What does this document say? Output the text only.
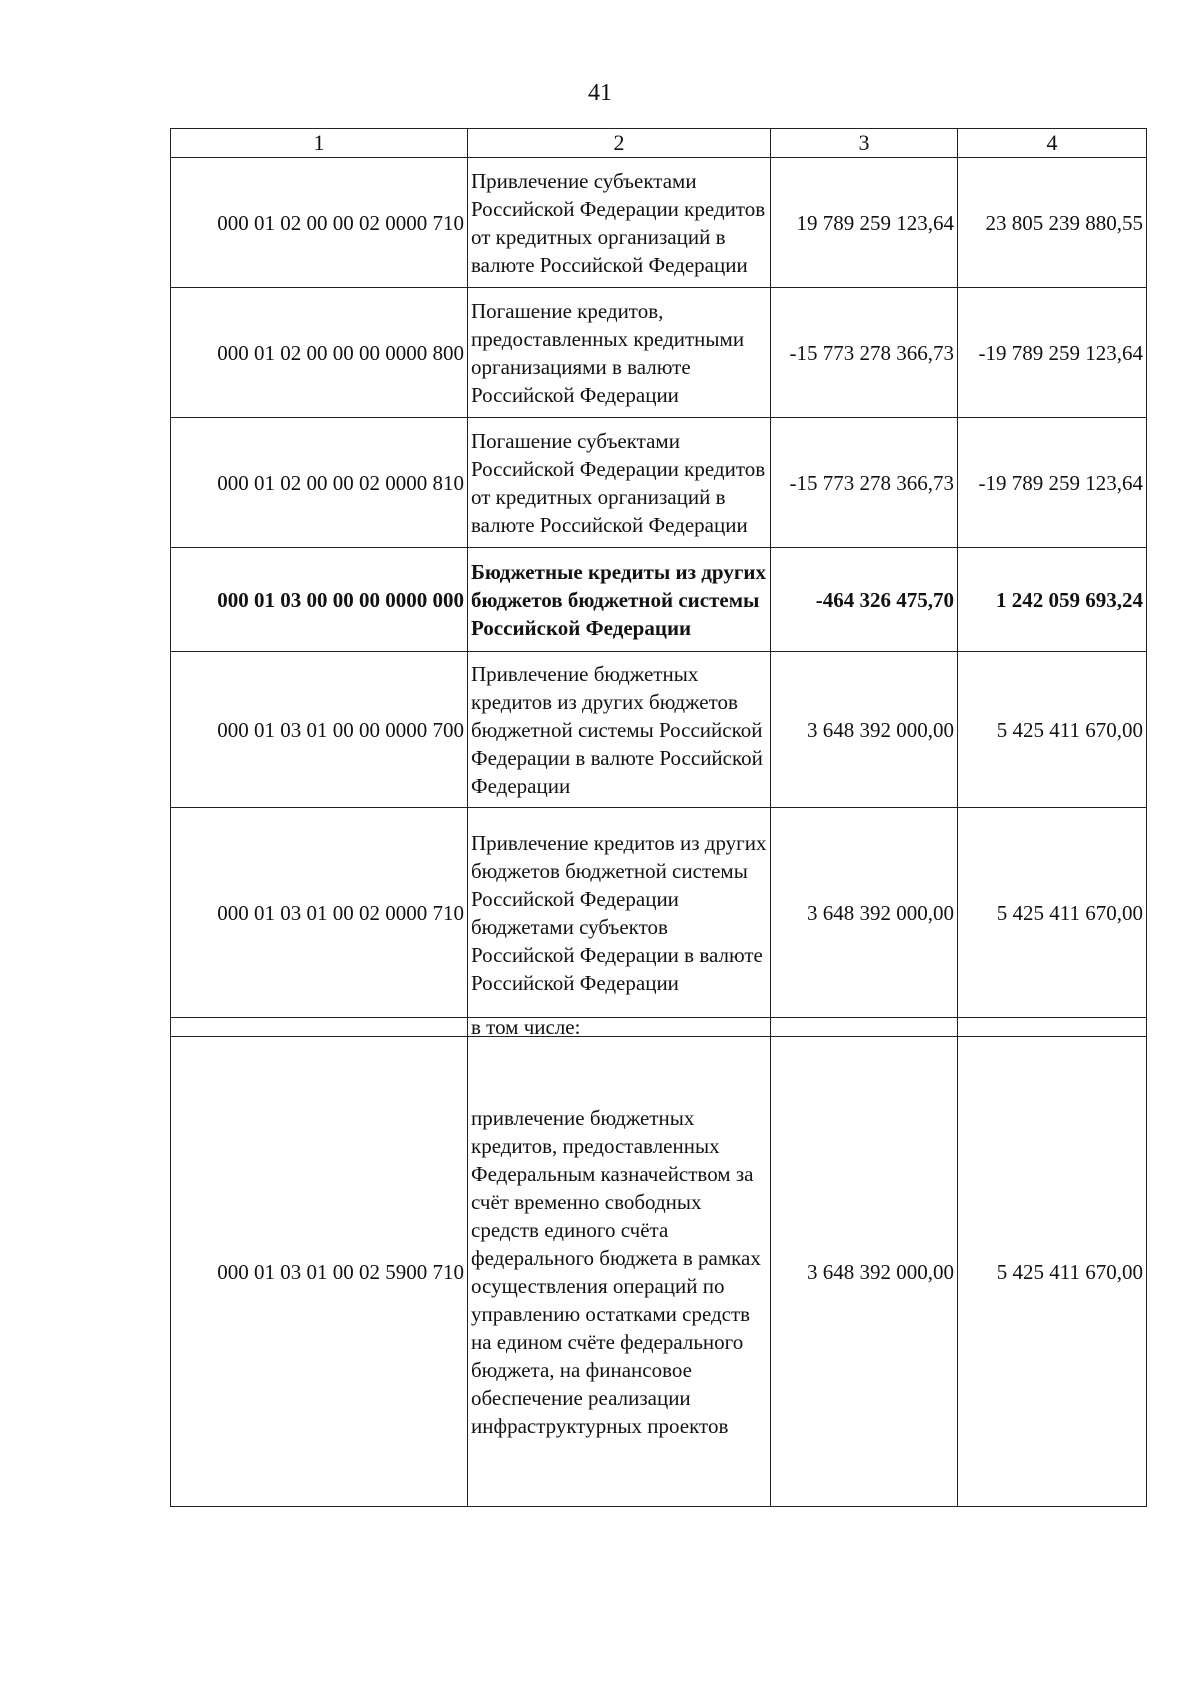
41
1	2	3	4
000 01 02 00 00 02 0000 710	Привлечение субъектами Российской Федерации кредитов от кредитных организаций в валюте Российской Федерации	19 789 259 123,64	23 805 239 880,55
000 01 02 00 00 00 0000 800	Погашение кредитов, предоставленных кредитными организациями в валюте Российской Федерации	-15 773 278 366,73	-19 789 259 123,64
000 01 02 00 00 02 0000 810	Погашение субъектами Российской Федерации кредитов от кредитных организаций в валюте Российской Федерации	-15 773 278 366,73	-19 789 259 123,64
000 01 03 00 00 00 0000 000	Бюджетные кредиты из других бюджетов бюджетной системы Российской Федерации	-464 326 475,70	1 242 059 693,24
000 01 03 01 00 00 0000 700	Привлечение бюджетных кредитов из других бюджетов бюджетной системы Российской Федерации в валюте Российской Федерации	3 648 392 000,00	5 425 411 670,00
000 01 03 01 00 02 0000 710	Привлечение кредитов из других бюджетов бюджетной системы Российской Федерации бюджетами субъектов Российской Федерации в валюте Российской Федерации	3 648 392 000,00	5 425 411 670,00
	в том числе:		
000 01 03 01 00 02 5900 710	привлечение бюджетных кредитов, предоставленных Федеральным казначейством за счёт временно свободных средств единого счёта федерального бюджета в рамках осуществления операций по управлению остатками средств на едином счёте федерального бюджета, на финансовое обеспечение реализации инфраструктурных проектов	3 648 392 000,00	5 425 411 670,00
